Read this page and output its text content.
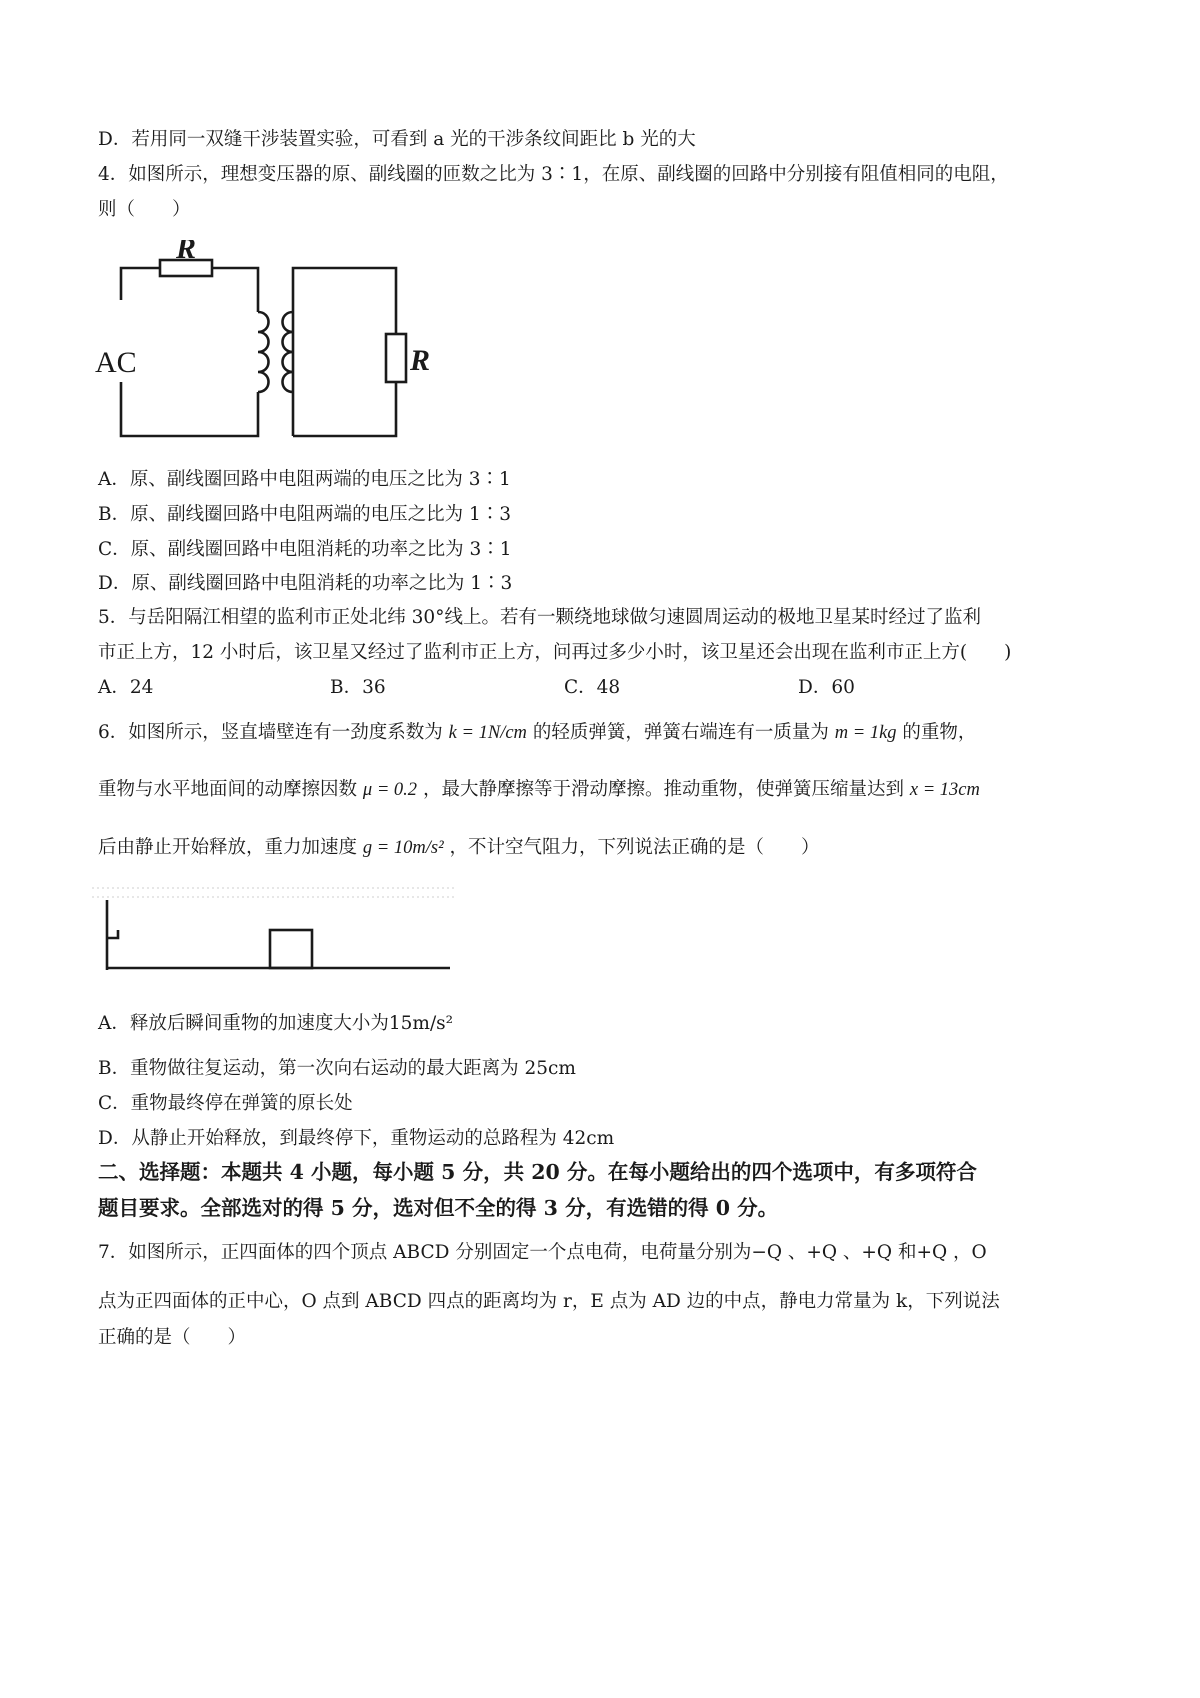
D．若用同一双缝干涉装置实验，可看到 a 光的干涉条纹间距比 b 光的大
4．如图所示，理想变压器的原、副线圈的匝数之比为 3∶1，在原、副线圈的回路中分别接有阻值相同的电阻，
则（　　）
R
AC	R
A．原、副线圈回路中电阻两端的电压之比为 3∶1
B．原、副线圈回路中电阻两端的电压之比为 1∶3
C．原、副线圈回路中电阻消耗的功率之比为 3∶1
D．原、副线圈回路中电阻消耗的功率之比为 1∶3
5．与岳阳隔江相望的监利市正处北纬 30°线上。若有一颗绕地球做匀速圆周运动的极地卫星某时经过了监利
市正上方，12 小时后，该卫星又经过了监利市正上方，问再过多少小时，该卫星还会出现在监利市正上方(　　)
A．24	B．36	C．48	D．60
6．如图所示，竖直墙壁连有一劲度系数为 k = 1N/cm 的轻质弹簧，弹簧右端连有一质量为 m = 1kg 的重物，
重物与水平地面间的动摩擦因数 μ = 0.2 ，最大静摩擦等于滑动摩擦。推动重物，使弹簧压缩量达到 x = 13cm
后由静止开始释放，重力加速度 g = 10m/s² ，不计空气阻力，下列说法正确的是（　　）
A．释放后瞬间重物的加速度大小为15m/s²
B．重物做往复运动，第一次向右运动的最大距离为 25cm
C．重物最终停在弹簧的原长处
D．从静止开始释放，到最终停下，重物运动的总路程为 42cm
二、选择题：本题共 4 小题，每小题 5 分，共 20 分。在每小题给出的四个选项中，有多项符合
题目要求。全部选对的得 5 分，选对但不全的得 3 分，有选错的得 0 分。
7．如图所示，正四面体的四个顶点 ABCD 分别固定一个点电荷，电荷量分别为−Q 、+Q 、+Q 和+Q ，O
点为正四面体的正中心，O 点到 ABCD 四点的距离均为 r，E 点为 AD 边的中点，静电力常量为 k，下列说法
正确的是（　　）
